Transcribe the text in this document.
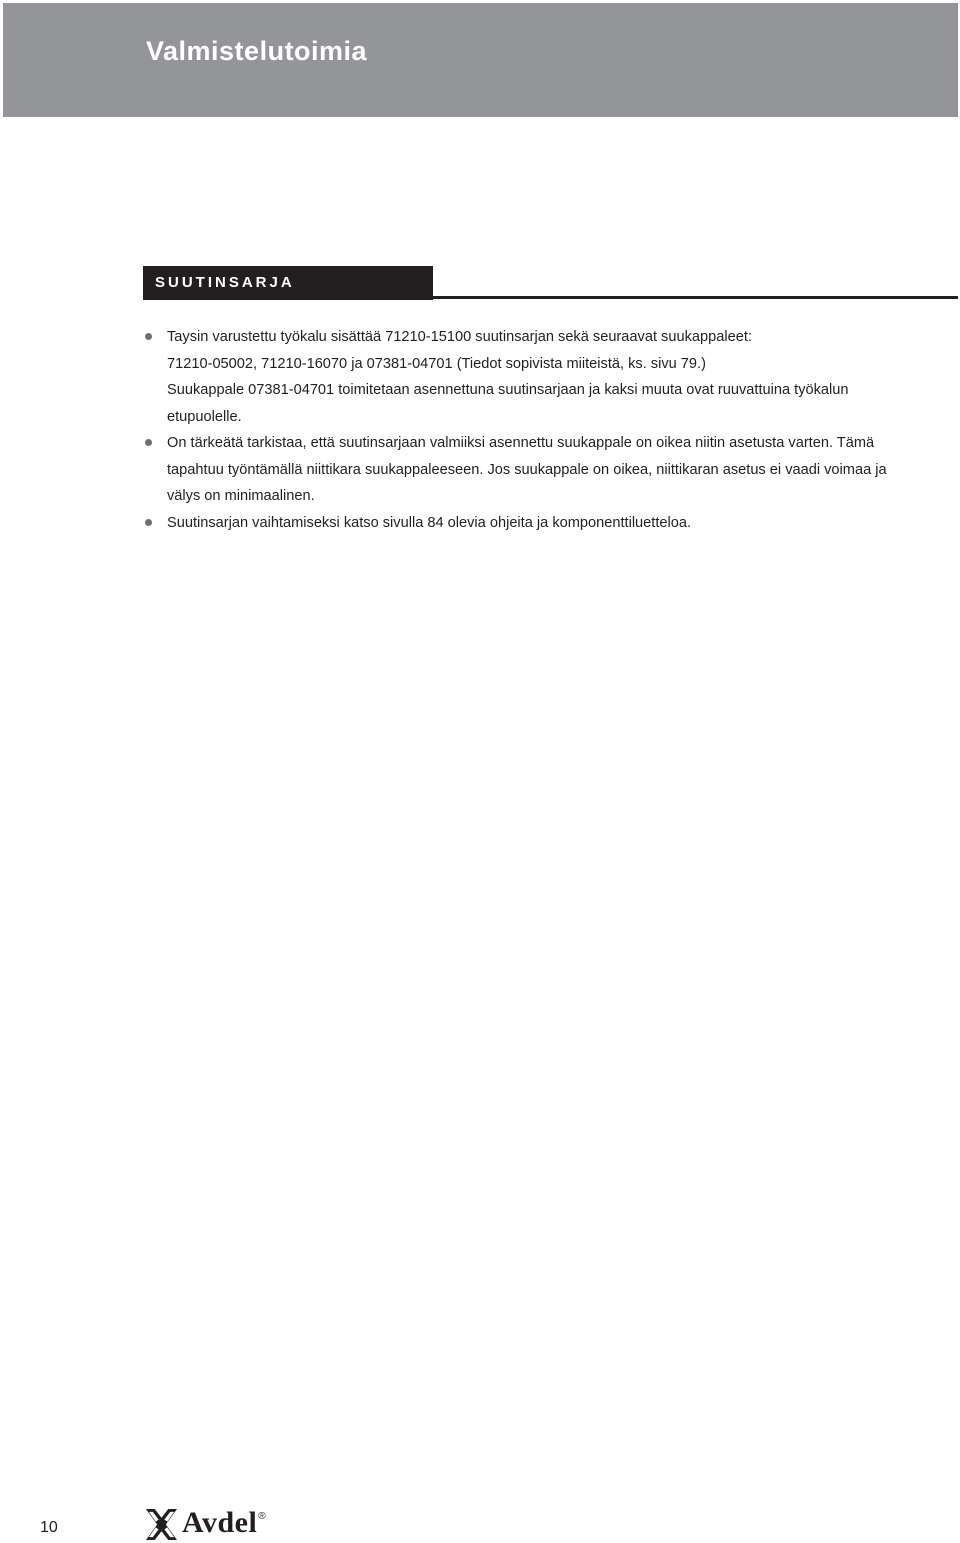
Valmistelutoimia
SUUTINSARJA
Taysin varustettu työkalu sisättää 71210-15100 suutinsarjan sekä seuraavat suukappaleet:
71210-05002, 71210-16070 ja 07381-04701 (Tiedot sopivista miiteistä, ks. sivu 79.)
Suukappale 07381-04701 toimitetaan asennettuna suutinsarjaan ja kaksi muuta ovat ruuvattuina työkalun
etupuolelle.
On tärkeätä tarkistaa, että suutinsarjaan valmiiksi asennettu suukappale on oikea niitin asetusta varten. Tämä
tapahtuu työntämällä niittikara suukappaleeseen. Jos suukappale on oikea, niittikaran asetus ei vaadi voimaa ja
välys on minimaalinen.
Suutinsarjan vaihtamiseksi katso sivulla 84 olevia ohjeita ja komponenttiluetteloa.
10	Avdel ®
